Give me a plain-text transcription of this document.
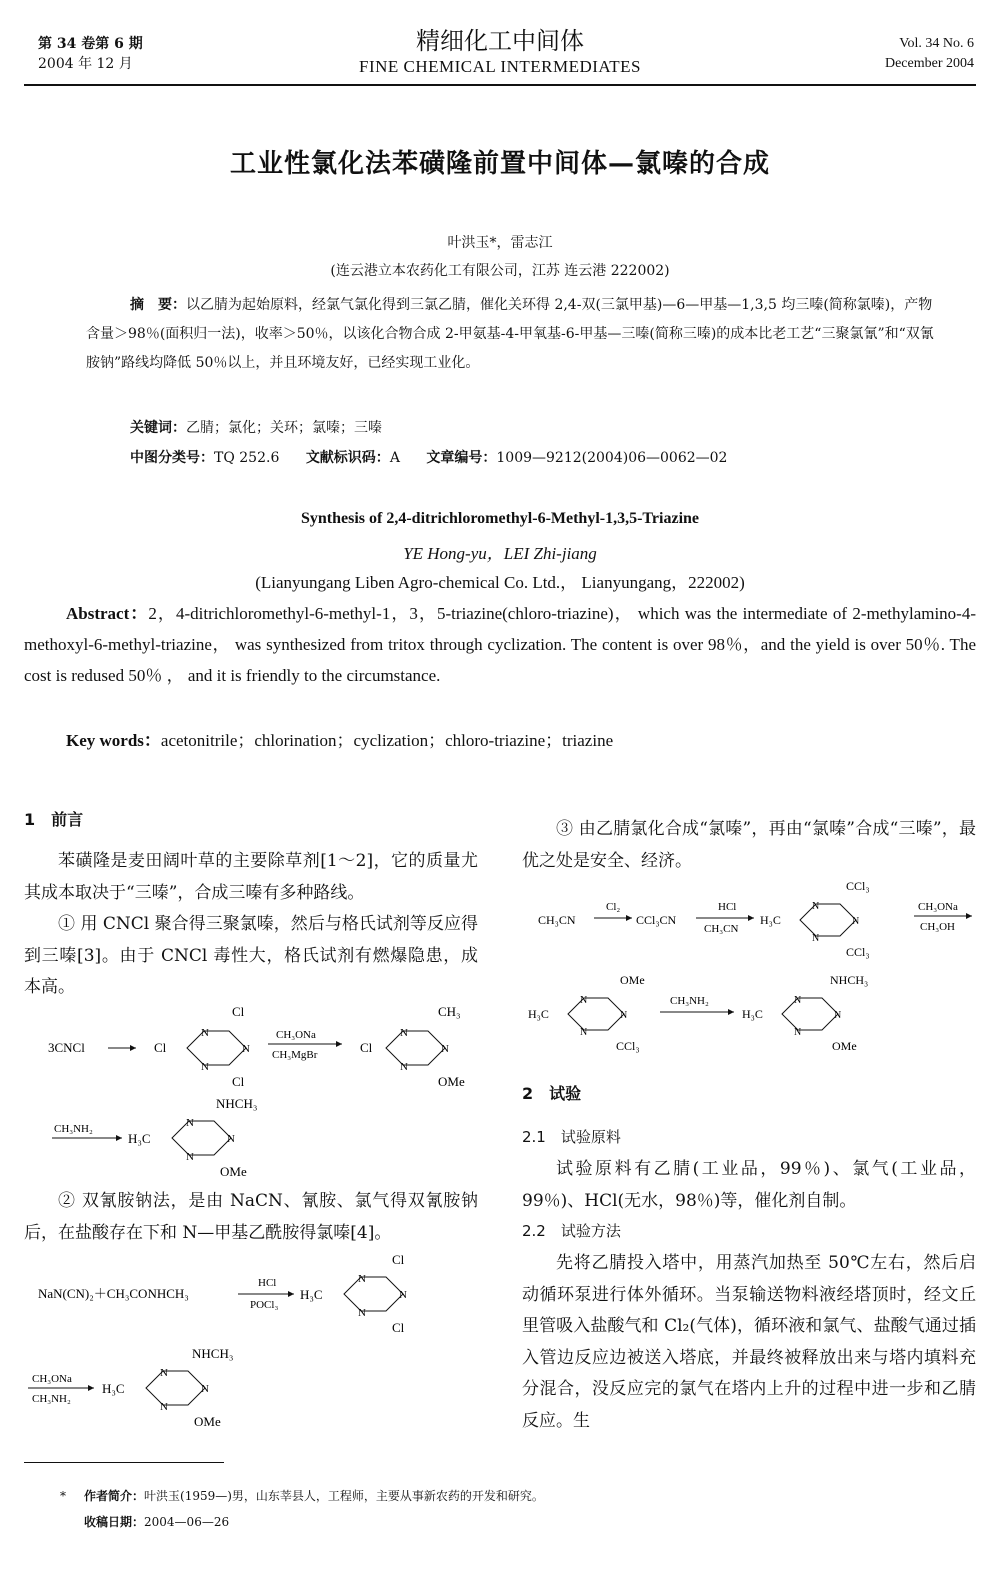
第 34 卷第 6 期
2004 年 12 月
精细化工中间体
FINE CHEMICAL INTERMEDIATES
Vol. 34 No. 6
December 2004
工业性氯化法苯磺隆前置中间体—氯嗪的合成
叶洪玉*，雷志江
(连云港立本农药化工有限公司，江苏 连云港 222002)
摘　要：以乙腈为起始原料，经氯气氯化得到三氯乙腈，催化关环得 2,4-双(三氯甲基)—6—甲基—1,3,5 均三嗪(简称氯嗪)，产物含量＞98％(面积归一法)，收率＞50％，以该化合物合成 2-甲氨基-4-甲氧基-6-甲基—三嗪(简称三嗪)的成本比老工艺“三聚氯氰”和“双氰胺钠”路线均降低 50％以上，并且环境友好，已经实现工业化。
关键词：乙腈；氯化；关环；氯嗪；三嗪
中图分类号：TQ 252.6 文献标识码：A 文章编号：1009—9212(2004)06—0062—02
Synthesis of 2,4-ditrichloromethyl-6-Methyl-1,3,5-Triazine
YE Hong-yu，LEI Zhi-jiang
(Lianyungang Liben Agro-chemical Co. Ltd.， Lianyungang，222002)
Abstract：2，4-ditrichloromethyl-6-methyl-1，3，5-triazine(chloro-triazine)， which was the intermediate of 2-methylamino-4-methoxyl-6-methyl-triazine， was synthesized from tritox through cyclization. The content is over 98％，and the yield is over 50％. The cost is redused 50％ ， and it is friendly to the circumstance.
Key words：acetonitrile；chlorination；cyclization；chloro-triazine；triazine
1　前言
苯磺隆是麦田阔叶草的主要除草剂[1～2]，它的质量尤其成本取决于“三嗪”，合成三嗪有多种路线。
① 用 CNCl 聚合得三聚氯嗪，然后与格氏试剂等反应得到三嗪[3]。由于 CNCl 毒性大，格氏试剂有燃爆隐患，成本高。
3CNCl	Cl
Cl
Cl
N
N
N
CH₃ONa
CH₃MgBr	Cl
CH₃
OMe
N
N
N
CH₃NH₂
H₃C
NHCH₃
OMe
N
N
N
② 双氰胺钠法，是由 NaCN、氰胺、氯气得双氰胺钠后，在盐酸存在下和 N—甲基乙酰胺得氯嗪[4]。
NaN(CN)₂＋CH₃CONHCH₃
HCl
POCl₃
H₃C
Cl
Cl
N
N
N
CH₃ONa
CH₃NH₂
H₃C
NHCH₃
OMe
N
N
N
③ 由乙腈氯化合成“氯嗪”，再由“氯嗪”合成“三嗪”，最优之处是安全、经济。
CH₃CN
Cl₂
CCl₃CN
HCl
CH₃CN
H₃C
CCl₃
CCl₃
N
N
N
CH₃ONa
CH₃OH
H₃C
OMe
CCl₃
N
N
N
CH₃NH₂
H₃C
NHCH₃
OMe
N
N
N
2　试验
2.1　试验原料
试验原料有乙腈(工业品，99％)、氯气(工业品，99％)、HCl(无水，98％)等，催化剂自制。
2.2　试验方法
先将乙腈投入塔中，用蒸汽加热至 50℃左右，然后启动循环泵进行体外循环。当泵输送物料液经塔顶时，经文丘里管吸入盐酸气和 Cl₂(气体)，循环液和氯气、盐酸气通过插入管边反应边被送入塔底，并最终被释放出来与塔内填料充分混合，没反应完的氯气在塔内上升的过程中进一步和乙腈反应。生
* 作者简介：叶洪玉(1959—)男，山东莘县人，工程师，主要从事新农药的开发和研究。
收稿日期：2004—06—26
